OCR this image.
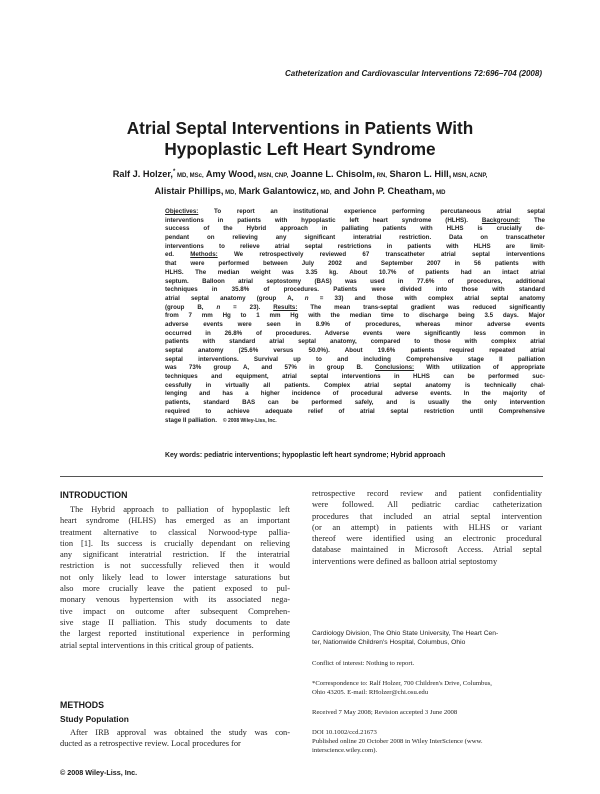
Catheterization and Cardiovascular Interventions 72:696–704 (2008)
Atrial Septal Interventions in Patients With
Hypoplastic Left Heart Syndrome
Ralf J. Holzer,* MD, MSc, Amy Wood, MSN, CNP, Joanne L. Chisolm, RN, Sharon L. Hill, MSN, ACNP,
Alistair Phillips, MD, Mark Galantowicz, MD, and John P. Cheatham, MD
Objectives: To report an institutional experience performing percutaneous atrial septal
interventions in patients with hypoplastic left heart syndrome (HLHS). Background: The
success of the Hybrid approach in palliating patients with HLHS is crucially de-
pendant on relieving any significant interatrial restriction. Data on transcatheter
interventions to relieve atrial septal restrictions in patients with HLHS are limit-
ed. Methods: We retrospectively reviewed 67 transcatheter atrial septal interventions
that were performed between July 2002 and September 2007 in 56 patients with
HLHS. The median weight was 3.35 kg. About 10.7% of patients had an intact atrial
septum. Balloon atrial septostomy (BAS) was used in 77.6% of procedures, additional
techniques in 35.8% of procedures. Patients were divided into those with standard
atrial septal anatomy (group A, n = 33) and those with complex atrial septal anatomy
(group B, n = 23). Results: The mean trans-septal gradient was reduced significantly
from 7 mm Hg to 1 mm Hg with the median time to discharge being 3.5 days. Major
adverse events were seen in 8.9% of procedures, whereas minor adverse events
occurred in 26.8% of procedures. Adverse events were significantly less common in
patients with standard atrial septal anatomy, compared to those with complex atrial
septal anatomy (25.6% versus 50.0%). About 19.6% patients required repeated atrial
septal interventions. Survival up to and including Comprehensive stage II palliation
was 73% group A, and 57% in group B. Conclusions: With utilization of appropriate
techniques and equipment, atrial septal interventions in HLHS can be performed suc-
cessfully in virtually all patients. Complex atrial septal anatomy is technically chal-
lenging and has a higher incidence of procedural adverse events. In the majority of
patients, standard BAS can be performed safely, and is usually the only intervention
required to achieve adequate relief of atrial septal restriction until Comprehensive
stage II palliation. © 2008 Wiley-Liss, Inc.
Key words: pediatric interventions; hypoplastic left heart syndrome; Hybrid approach
INTRODUCTION
The Hybrid approach to palliation of hypoplastic left
heart syndrome (HLHS) has emerged as an important
treatment alternative to classical Norwood-type pallia-
tion [1]. Its success is crucially dependant on relieving
any significant interatrial restriction. If the interatrial
restriction is not successfully relieved then it would
not only likely lead to lower interstage saturations but
also more crucially leave the patient exposed to pul-
monary venous hypertension with its associated nega-
tive impact on outcome after subsequent Comprehen-
sive stage II palliation. This study documents to date
the largest reported institutional experience in performing
atrial septal interventions in this critical group of patients.
METHODS
Study Population
After IRB approval was obtained the study was con-
ducted as a retrospective review. Local procedures for
retrospective record review and patient confidentiality
were followed. All pediatric cardiac catheterization
procedures that included an atrial septal intervention
(or an attempt) in patients with HLHS or variant
thereof were identified using an electronic procedural
database maintained in Microsoft Access. Atrial septal
interventions were defined as balloon atrial septostomy
Cardiology Division, The Ohio State University, The Heart Cen-
ter, Nationwide Children's Hospital, Columbus, Ohio
Conflict of interest: Nothing to report.
*Correspondence to: Ralf Holzer, 700 Children's Drive, Columbus,
Ohio 43205. E-mail: RHolzer@chi.osu.edu
Received 7 May 2008; Revision accepted 3 June 2008
DOI 10.1002/ccd.21673
Published online 20 October 2008 in Wiley InterScience (www.
interscience.wiley.com).
© 2008 Wiley-Liss, Inc.
